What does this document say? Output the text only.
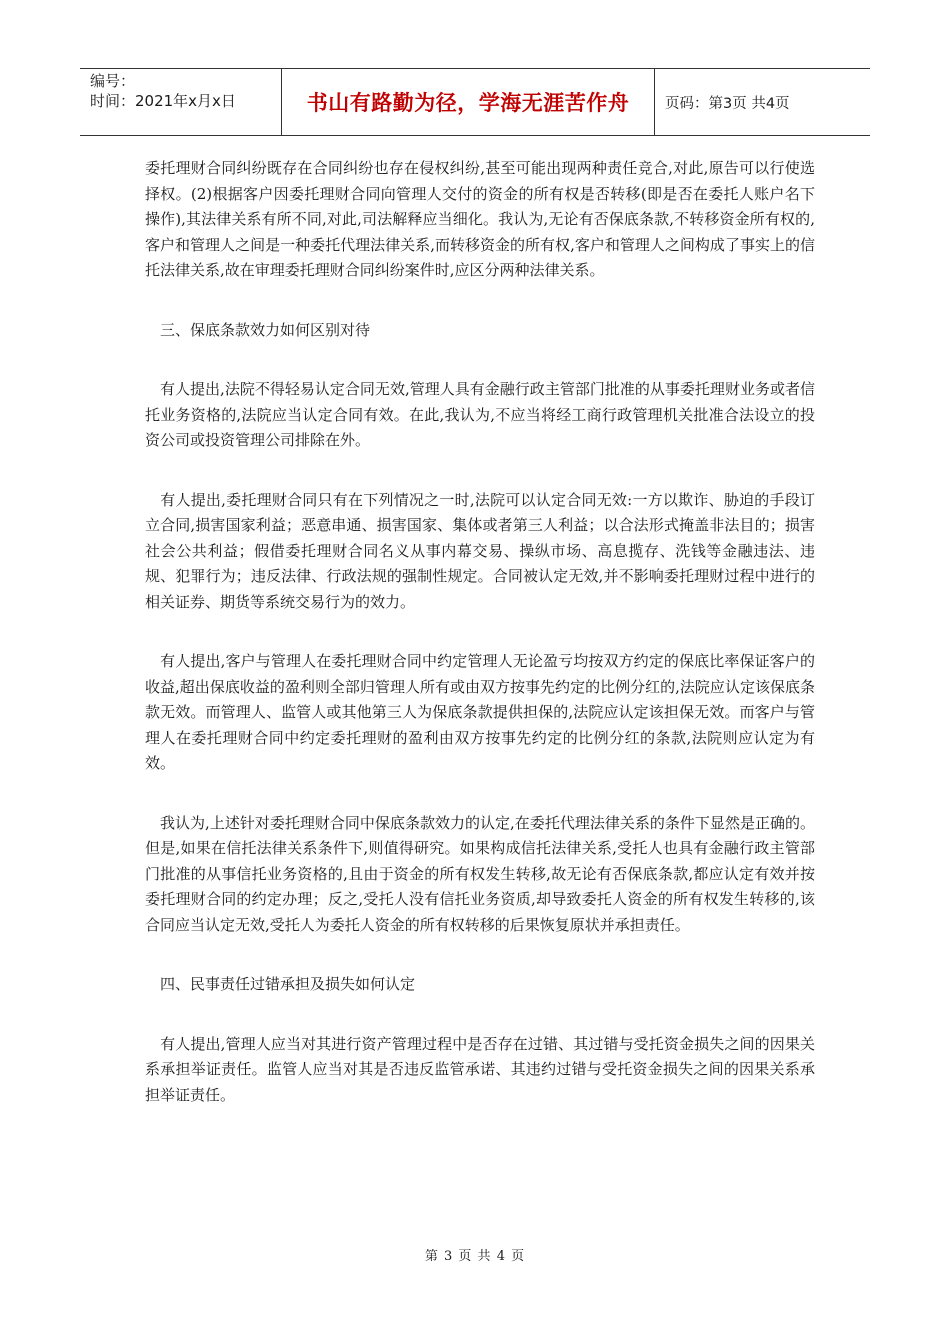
编号：
时间：2021年x月x日	书山有路勤为径，学海无涯苦作舟	页码：第3页 共4页

委托理财合同纠纷既存在合同纠纷也存在侵权纠纷,甚至可能出现两种责任竞合,对此,原告可以行使选择权。(2)根据客户因委托理财合同向管理人交付的资金的所有权是否转移(即是否在委托人账户名下操作),其法律关系有所不同,对此,司法解释应当细化。我认为,无论有否保底条款,不转移资金所有权的,客户和管理人之间是一种委托代理法律关系,而转移资金的所有权,客户和管理人之间构成了事实上的信托法律关系,故在审理委托理财合同纠纷案件时,应区分两种法律关系。

　三、保底条款效力如何区别对待

　有人提出,法院不得轻易认定合同无效,管理人具有金融行政主管部门批准的从事委托理财业务或者信托业务资格的,法院应当认定合同有效。在此,我认为,不应当将经工商行政管理机关批准合法设立的投资公司或投资管理公司排除在外。

　有人提出,委托理财合同只有在下列情况之一时,法院可以认定合同无效:一方以欺诈、胁迫的手段订立合同,损害国家利益；恶意串通、损害国家、集体或者第三人利益；以合法形式掩盖非法目的；损害社会公共利益；假借委托理财合同名义从事内幕交易、操纵市场、高息揽存、洗钱等金融违法、违规、犯罪行为；违反法律、行政法规的强制性规定。合同被认定无效,并不影响委托理财过程中进行的相关证券、期货等系统交易行为的效力。

　有人提出,客户与管理人在委托理财合同中约定管理人无论盈亏均按双方约定的保底比率保证客户的收益,超出保底收益的盈利则全部归管理人所有或由双方按事先约定的比例分红的,法院应认定该保底条款无效。而管理人、监管人或其他第三人为保底条款提供担保的,法院应认定该担保无效。而客户与管理人在委托理财合同中约定委托理财的盈利由双方按事先约定的比例分红的条款,法院则应认定为有效。

　我认为,上述针对委托理财合同中保底条款效力的认定,在委托代理法律关系的条件下显然是正确的。但是,如果在信托法律关系条件下,则值得研究。如果构成信托法律关系,受托人也具有金融行政主管部门批准的从事信托业务资格的,且由于资金的所有权发生转移,故无论有否保底条款,都应认定有效并按委托理财合同的约定办理；反之,受托人没有信托业务资质,却导致委托人资金的所有权发生转移的,该合同应当认定无效,受托人为委托人资金的所有权转移的后果恢复原状并承担责任。

　四、民事责任过错承担及损失如何认定

　有人提出,管理人应当对其进行资产管理过程中是否存在过错、其过错与受托资金损失之间的因果关系承担举证责任。监管人应当对其是否违反监管承诺、其违约过错与受托资金损失之间的因果关系承担举证责任。

第 3 页 共 4 页
